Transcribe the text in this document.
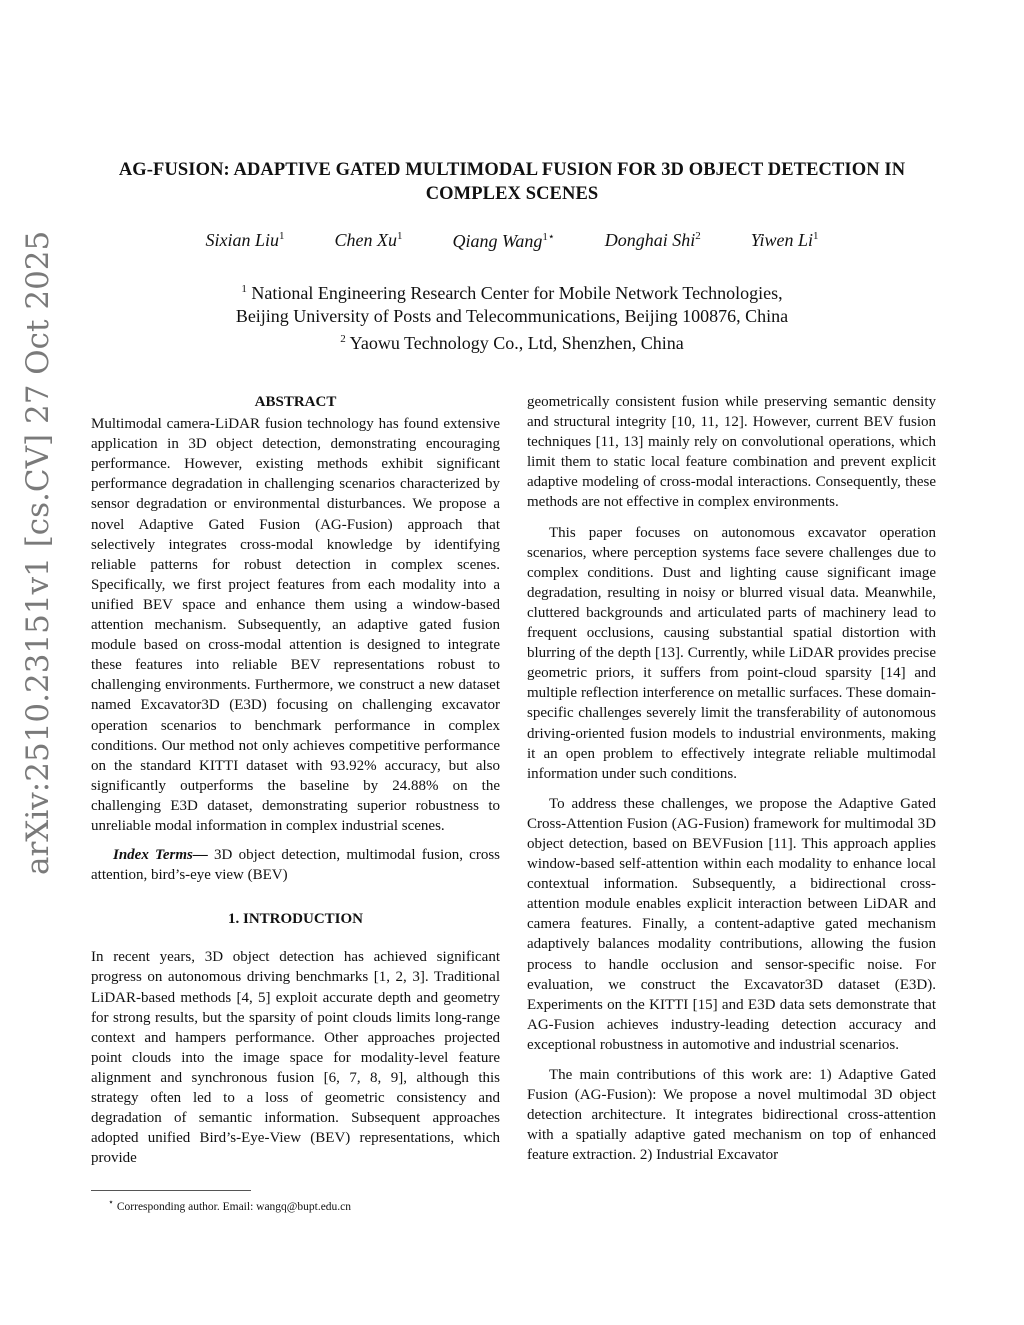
AG-FUSION: ADAPTIVE GATED MULTIMODAL FUSION FOR 3D OBJECT DETECTION IN
COMPLEX SCENES
Sixian Liu$^1$	Chen Xu$^1$	Qiang Wang$^{1⋆}$	Donghai Shi$^2$	Yiwen Li$^1$
$^1$ National Engineering Research Center for Mobile Network Technologies,
Beijing University of Posts and Telecommunications, Beijing 100876, China
$^2$ Yaowu Technology Co., Ltd, Shenzhen, China
arXiv:2510.23151v1 [cs.CV] 27 Oct 2025	ABSTRACT

Multimodal camera-LiDAR fusion technology has found extensive application in 3D object detection, demonstrating encouraging performance. However, existing methods exhibit significant performance degradation in challenging scenarios characterized by sensor degradation or environmental disturbances. We propose a novel Adaptive Gated Fusion (AG-Fusion) approach that selectively integrates cross-modal knowledge by identifying reliable patterns for robust detection in complex scenes. Specifically, we first project features from each modality into a unified BEV space and enhance them using a window-based attention mechanism. Subsequently, an adaptive gated fusion module based on cross-modal attention is designed to integrate these features into reliable BEV representations robust to challenging environments. Furthermore, we construct a new dataset named Excavator3D (E3D) focusing on challenging excavator operation scenarios to benchmark performance in complex conditions. Our method not only achieves competitive performance on the standard KITTI dataset with 93.92% accuracy, but also significantly outperforms the baseline by 24.88% on the challenging E3D dataset, demonstrating superior robustness to unreliable modal information in complex industrial scenes.

Index Terms— 3D object detection, multimodal fusion, cross attention, bird’s-eye view (BEV)

1. INTRODUCTION

In recent years, 3D object detection has achieved significant progress on autonomous driving benchmarks [1, 2, 3]. Traditional LiDAR-based methods [4, 5] exploit accurate depth and geometry for strong results, but the sparsity of point clouds limits long-range context and hampers performance. Other approaches projected point clouds into the image space for modality-level feature alignment and synchronous fusion [6, 7, 8, 9], although this strategy often led to a loss of geometric consistency and degradation of semantic information. Subsequent approaches adopted unified Bird’s-Eye-View (BEV) representations, which provide

geometrically consistent fusion while preserving semantic density and structural integrity [10, 11, 12]. However, current BEV fusion techniques [11, 13] mainly rely on convolutional operations, which limit them to static local feature combination and prevent explicit adaptive modeling of cross-modal interactions. Consequently, these methods are not effective in complex environments.

This paper focuses on autonomous excavator operation scenarios, where perception systems face severe challenges due to complex conditions. Dust and lighting cause significant image degradation, resulting in noisy or blurred visual data. Meanwhile, cluttered backgrounds and articulated parts of machinery lead to frequent occlusions, causing substantial spatial distortion with blurring of the depth [13]. Currently, while LiDAR provides precise geometric priors, it suffers from point-cloud sparsity [14] and multiple reflection interference on metallic surfaces. These domain-specific challenges severely limit the transferability of autonomous driving-oriented fusion models to industrial environments, making it an open problem to effectively integrate reliable multimodal information under such conditions.

To address these challenges, we propose the Adaptive Gated Cross-Attention Fusion (AG-Fusion) framework for multimodal 3D object detection, based on BEVFusion [11]. This approach applies window-based self-attention within each modality to enhance local contextual information. Subsequently, a bidirectional cross-attention module enables explicit interaction between LiDAR and camera features. Finally, a content-adaptive gated mechanism adaptively balances modality contributions, allowing the fusion process to handle occlusion and sensor-specific noise. For evaluation, we construct the Excavator3D dataset (E3D). Experiments on the KITTI [15] and E3D data sets demonstrate that AG-Fusion achieves industry-leading detection accuracy and exceptional robustness in automotive and industrial scenarios.

The main contributions of this work are: 1) Adaptive Gated Fusion (AG-Fusion): We propose a novel multimodal 3D object detection architecture. It integrates bidirectional cross-attention with a spatially adaptive gated mechanism on top of enhanced feature extraction. 2) Industrial Excavator

⋆ Corresponding author. Email: wangq@bupt.edu.cn
